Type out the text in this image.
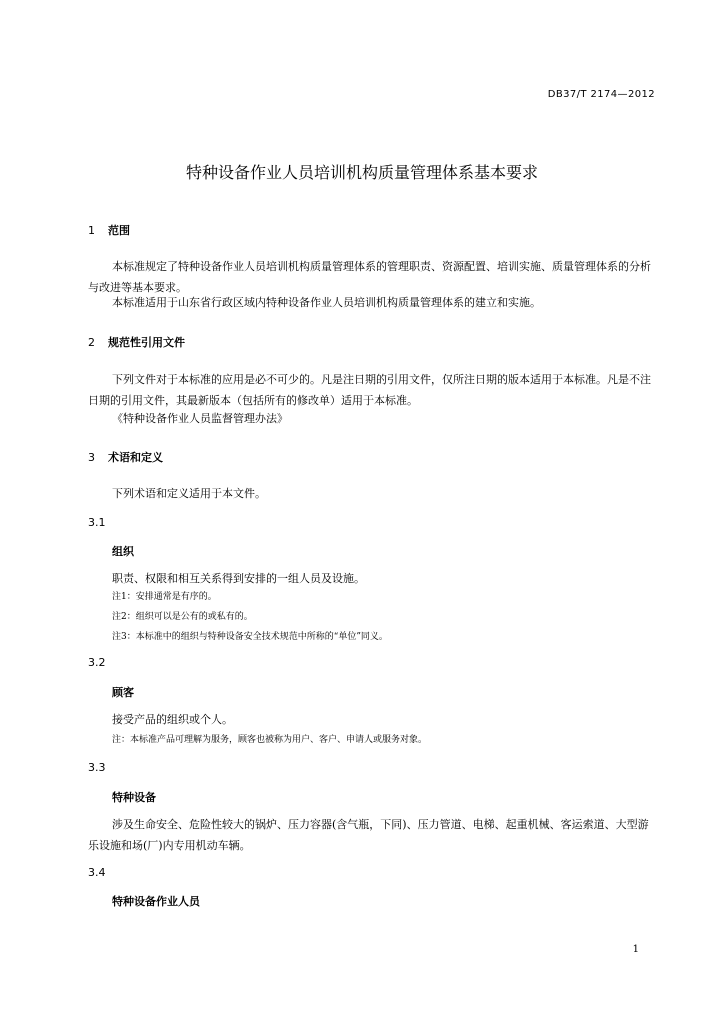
DB37/T 2174—2012
特种设备作业人员培训机构质量管理体系基本要求
1 范围
本标准规定了特种设备作业人员培训机构质量管理体系的管理职责、资源配置、培训实施、质量管理体系的分析与改进等基本要求。
本标准适用于山东省行政区域内特种设备作业人员培训机构质量管理体系的建立和实施。
2 规范性引用文件
下列文件对于本标准的应用是必不可少的。凡是注日期的引用文件，仅所注日期的版本适用于本标准。凡是不注日期的引用文件，其最新版本（包括所有的修改单）适用于本标准。
《特种设备作业人员监督管理办法》
3 术语和定义
下列术语和定义适用于本文件。
3.1
组织
职责、权限和相互关系得到安排的一组人员及设施。
注1：安排通常是有序的。
注2：组织可以是公有的或私有的。
注3：本标准中的组织与特种设备安全技术规范中所称的“单位”同义。
3.2
顾客
接受产品的组织或个人。
注：本标准产品可理解为服务，顾客也被称为用户、客户、申请人或服务对象。
3.3
特种设备
涉及生命安全、危险性较大的锅炉、压力容器(含气瓶，下同)、压力管道、电梯、起重机械、客运索道、大型游乐设施和场(厂)内专用机动车辆。
3.4
特种设备作业人员
1
